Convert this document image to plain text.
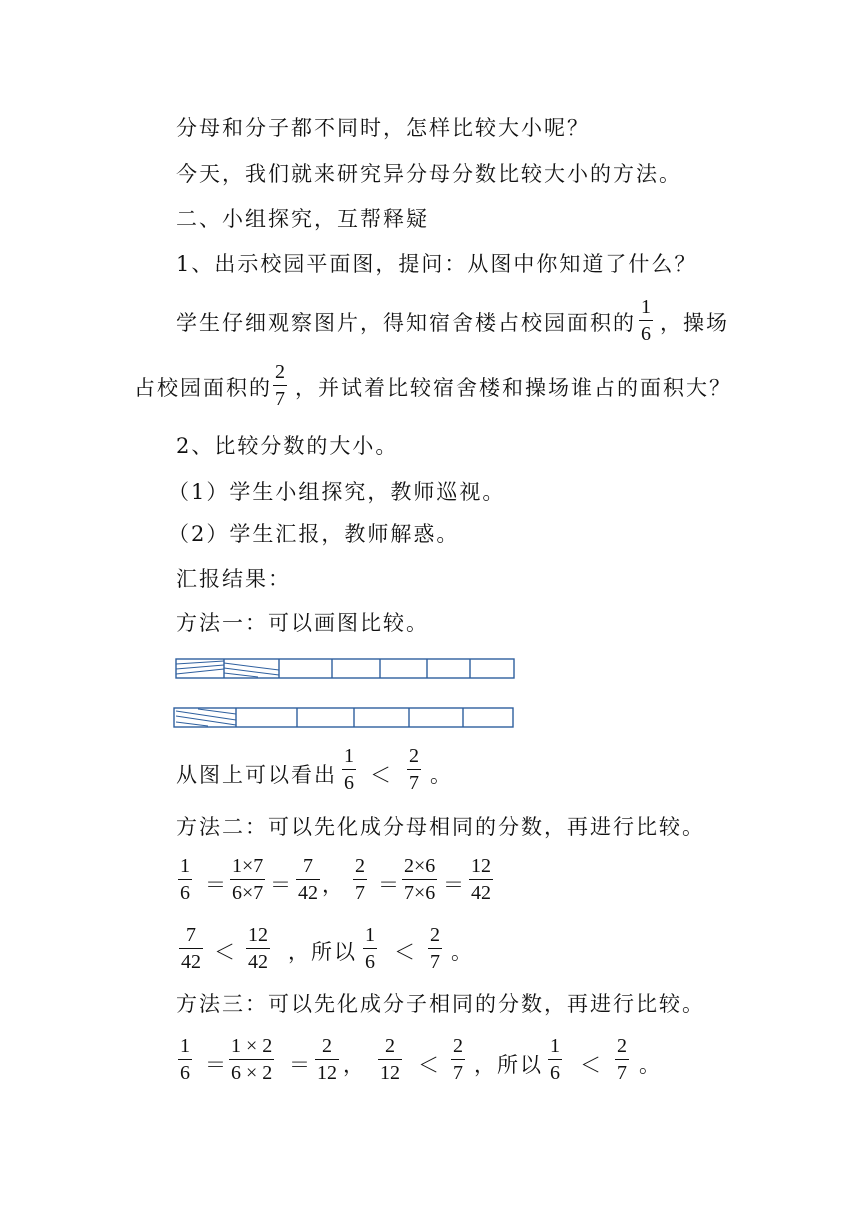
分母和分子都不同时，怎样比较大小呢？
今天，我们就来研究异分母分数比较大小的方法。
二、小组探究，互帮释疑
1、出示校园平面图，提问：从图中你知道了什么？
学生仔细观察图片，得知宿舍楼占校园面积的
1
6 ，操场
占校园面积的
2
7 ，并试着比较宿舍楼和操场谁占的面积大？
2、比较分数的大小。
（1）学生小组探究，教师巡视。
（2）学生汇报，教师解惑。
汇报结果：
方法一：可以画图比较。
从图上可以看出
1
6 ＜
2
7 。
方法二：可以先化成分母相同的分数，再进行比较。
1
6 ＝
1×7
6×7 ＝
7
42 ，
2
7 ＝
2×6
7×6 ＝
12
42
7
42 ＜
12
42 ，所以
1
6 ＜
2
7 。
方法三：可以先化成分子相同的分数，再进行比较。
1
6 ＝
1 × 2
6 × 2 ＝
2
12 ，
2
12 ＜
2
7 ，所以
1
6 ＜
2
7 。
